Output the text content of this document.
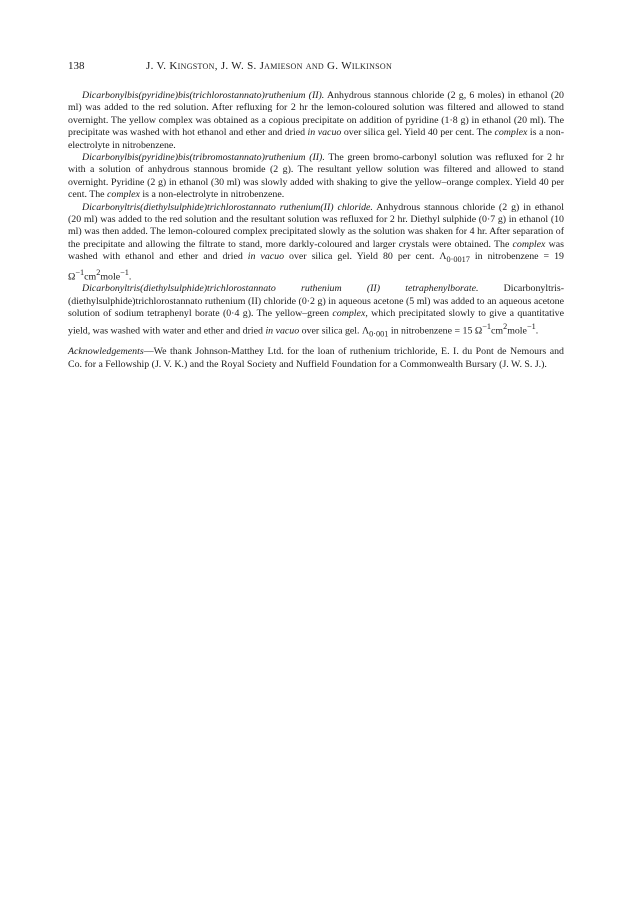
138	J. V. Kingston, J. W. S. Jamieson and G. Wilkinson

Dicarbonylbis(pyridine)bis(trichlorostannato)ruthenium (II). Anhydrous stannous chloride (2 g, 6 moles) in ethanol (20 ml) was added to the red solution. After refluxing for 2 hr the lemon-coloured solution was filtered and allowed to stand overnight. The yellow complex was obtained as a copious precipitate on addition of pyridine (1·8 g) in ethanol (20 ml). The precipitate was washed with hot ethanol and ether and dried in vacuo over silica gel. Yield 40 per cent. The complex is a non-electrolyte in nitrobenzene.

Dicarbonylbis(pyridine)bis(tribromostannato)ruthenium (II). The green bromo-carbonyl solution was refluxed for 2 hr with a solution of anhydrous stannous bromide (2 g). The resultant yellow solution was filtered and allowed to stand overnight. Pyridine (2 g) in ethanol (30 ml) was slowly added with shaking to give the yellow–orange complex. Yield 40 per cent. The complex is a non-electrolyte in nitrobenzene.

Dicarbonyltris(diethylsulphide)trichlorostannato ruthenium(II) chloride. Anhydrous stannous chloride (2 g) in ethanol (20 ml) was added to the red solution and the resultant solution was refluxed for 2 hr. Diethyl sulphide (0·7 g) in ethanol (10 ml) was then added. The lemon-coloured complex precipitated slowly as the solution was shaken for 4 hr. After separation of the precipitate and allowing the filtrate to stand, more darkly-coloured and larger crystals were obtained. The complex was washed with ethanol and ether and dried in vacuo over silica gel. Yield 80 per cent. $\Lambda_{0\cdot 0017}$ in nitrobenzene = 19 $\Omega^{-1}cm^2mole^{-1}$.

Dicarbonyltris(diethylsulphide)trichlorostannato ruthenium (II) tetraphenylborate. Dicarbonyltris-(diethylsulphide)trichlorostannato ruthenium (II) chloride (0·2 g) in aqueous acetone (5 ml) was added to an aqueous acetone solution of sodium tetraphenyl borate (0·4 g). The yellow–green complex, which precipitated slowly to give a quantitative yield, was washed with water and ether and dried in vacuo over silica gel. $\Lambda_{0\cdot 001}$ in nitrobenzene = 15 $\Omega^{-1}cm^2mole^{-1}$.

Acknowledgements—We thank Johnson-Matthey Ltd. for the loan of ruthenium trichloride, E. I. du Pont de Nemours and Co. for a Fellowship (J. V. K.) and the Royal Society and Nuffield Foundation for a Commonwealth Bursary (J. W. S. J.).
